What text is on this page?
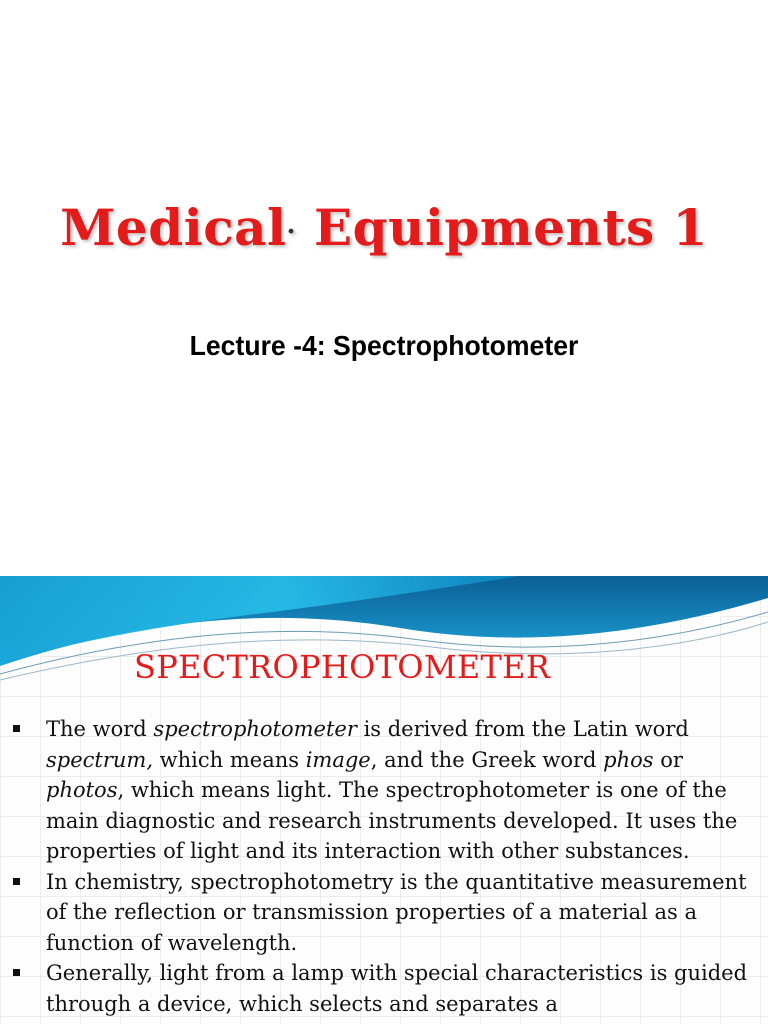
Medical· Equipments 1
Lecture -4: Spectrophotometer
SPECTROPHOTOMETER
The word spectrophotometer is derived from the Latin word spectrum, which means image, and the Greek word phos or photos, which means light. The spectrophotometer is one of the main diagnostic and research instruments developed. It uses the properties of light and its interaction with other substances.
In chemistry, spectrophotometry is the quantitative measurement of the reflection or transmission properties of a material as a function of wavelength.
Generally, light from a lamp with special characteristics is guided through a device, which selects and separates a
